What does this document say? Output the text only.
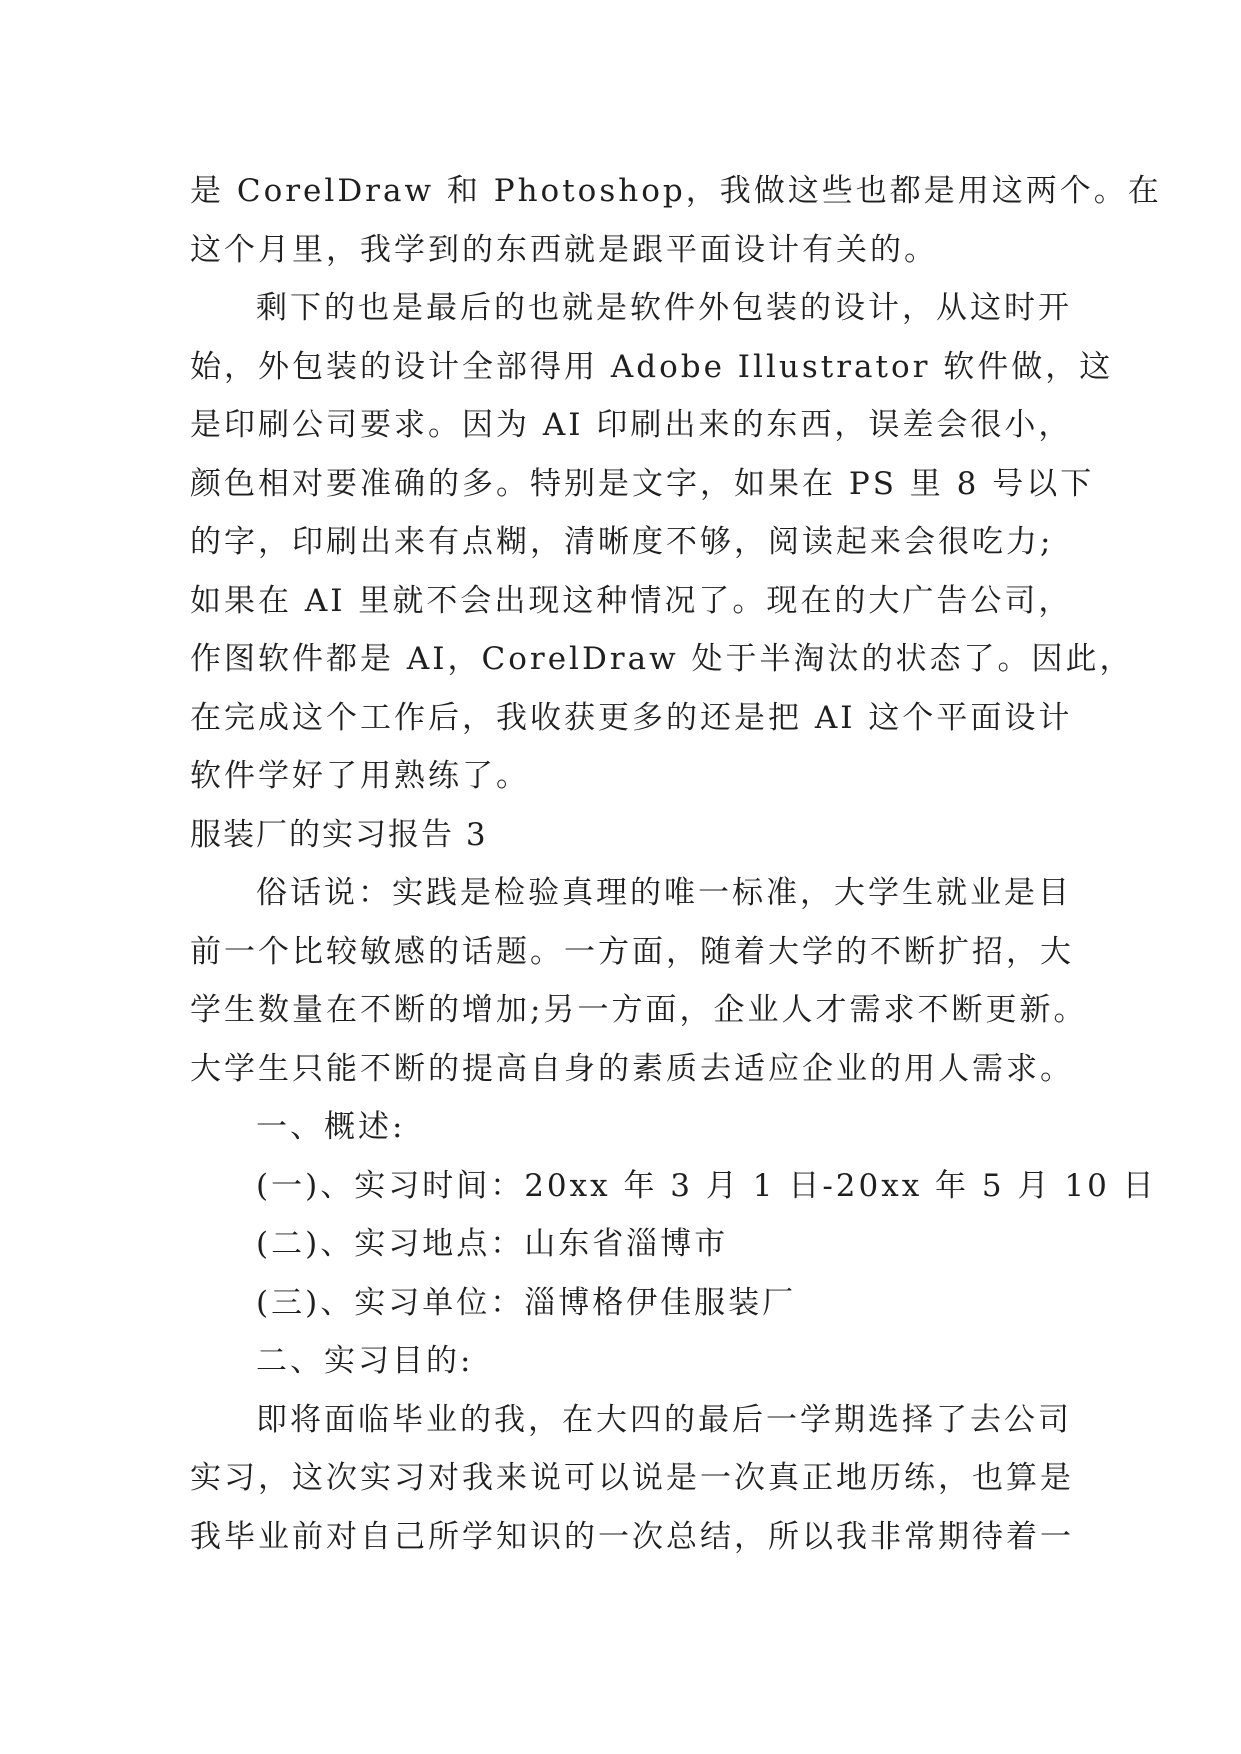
是 CorelDraw 和 Photoshop，我做这些也都是用这两个。在
这个月里，我学到的东西就是跟平面设计有关的。
剩下的也是最后的也就是软件外包装的设计，从这时开
始，外包装的设计全部得用 Adobe Illustrator 软件做，这
是印刷公司要求。因为 AI 印刷出来的东西，误差会很小，
颜色相对要准确的多。特别是文字，如果在 PS 里 8 号以下
的字，印刷出来有点糊，清晰度不够，阅读起来会很吃力;
如果在 AI 里就不会出现这种情况了。现在的大广告公司，
作图软件都是 AI，CorelDraw 处于半淘汰的状态了。因此，
在完成这个工作后，我收获更多的还是把 AI 这个平面设计
软件学好了用熟练了。
服装厂的实习报告 3
俗话说：实践是检验真理的唯一标准，大学生就业是目
前一个比较敏感的话题。一方面，随着大学的不断扩招，大
学生数量在不断的增加;另一方面，企业人才需求不断更新。
大学生只能不断的提高自身的素质去适应企业的用人需求。
一、概述:
(一)、实习时间：20xx 年 3 月 1 日-20xx 年 5 月 10 日
(二)、实习地点：山东省淄博市
(三)、实习单位：淄博格伊佳服装厂
二、实习目的:
即将面临毕业的我，在大四的最后一学期选择了去公司
实习，这次实习对我来说可以说是一次真正地历练，也算是
我毕业前对自己所学知识的一次总结，所以我非常期待着一
